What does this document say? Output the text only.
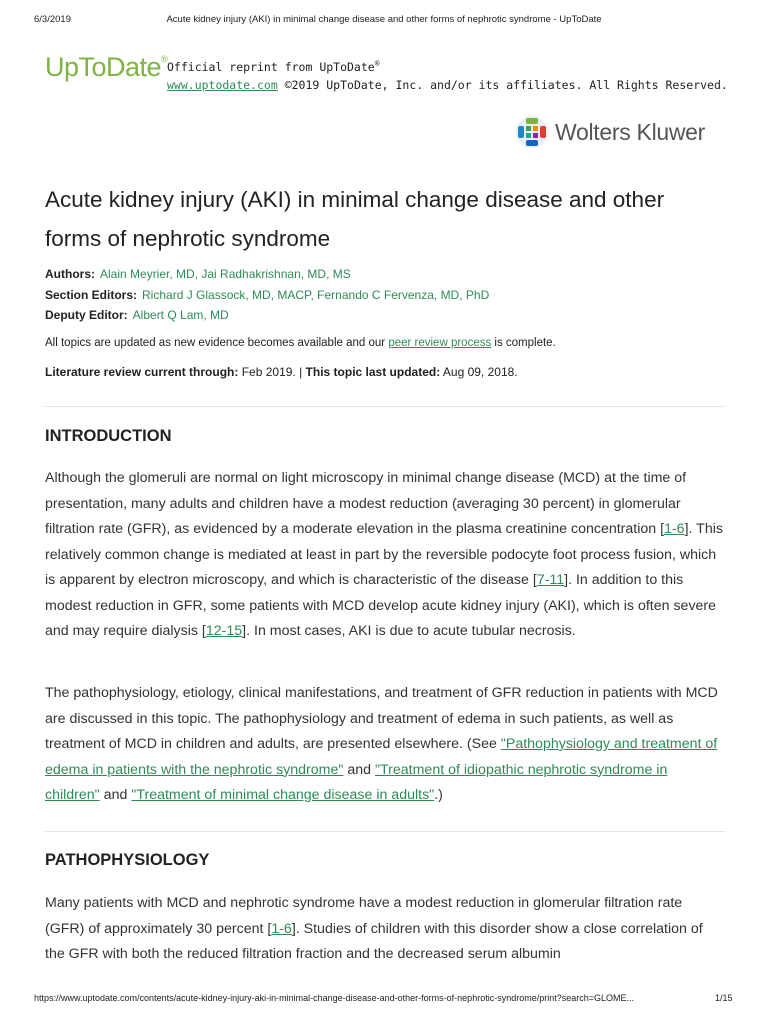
6/3/2019	Acute kidney injury (AKI) in minimal change disease and other forms of nephrotic syndrome - UpToDate
UpToDate®
Official reprint from UpToDate®
www.uptodate.com ©2019 UpToDate, Inc. and/or its affiliates. All Rights Reserved.
Wolters Kluwer
Acute kidney injury (AKI) in minimal change disease and other forms of nephrotic syndrome
Authors: Alain Meyrier, MD, Jai Radhakrishnan, MD, MS
Section Editors: Richard J Glassock, MD, MACP, Fernando C Fervenza, MD, PhD
Deputy Editor: Albert Q Lam, MD
All topics are updated as new evidence becomes available and our peer review process is complete.
Literature review current through: Feb 2019. | This topic last updated: Aug 09, 2018.
INTRODUCTION

Although the glomeruli are normal on light microscopy in minimal change disease (MCD) at the time of presentation, many adults and children have a modest reduction (averaging 30 percent) in glomerular filtration rate (GFR), as evidenced by a moderate elevation in the plasma creatinine concentration [1-6]. This relatively common change is mediated at least in part by the reversible podocyte foot process fusion, which is apparent by electron microscopy, and which is characteristic of the disease [7-11]. In addition to this modest reduction in GFR, some patients with MCD develop acute kidney injury (AKI), which is often severe and may require dialysis [12-15]. In most cases, AKI is due to acute tubular necrosis.

The pathophysiology, etiology, clinical manifestations, and treatment of GFR reduction in patients with MCD are discussed in this topic. The pathophysiology and treatment of edema in such patients, as well as treatment of MCD in children and adults, are presented elsewhere. (See "Pathophysiology and treatment of edema in patients with the nephrotic syndrome" and "Treatment of idiopathic nephrotic syndrome in children" and "Treatment of minimal change disease in adults".)

PATHOPHYSIOLOGY

Many patients with MCD and nephrotic syndrome have a modest reduction in glomerular filtration rate (GFR) of approximately 30 percent [1-6]. Studies of children with this disorder show a close correlation of the GFR with both the reduced filtration fraction and the decreased serum albumin

https://www.uptodate.com/contents/acute-kidney-injury-aki-in-minimal-change-disease-and-other-forms-of-nephrotic-syndrome/print?search=GLOME...	1/15
